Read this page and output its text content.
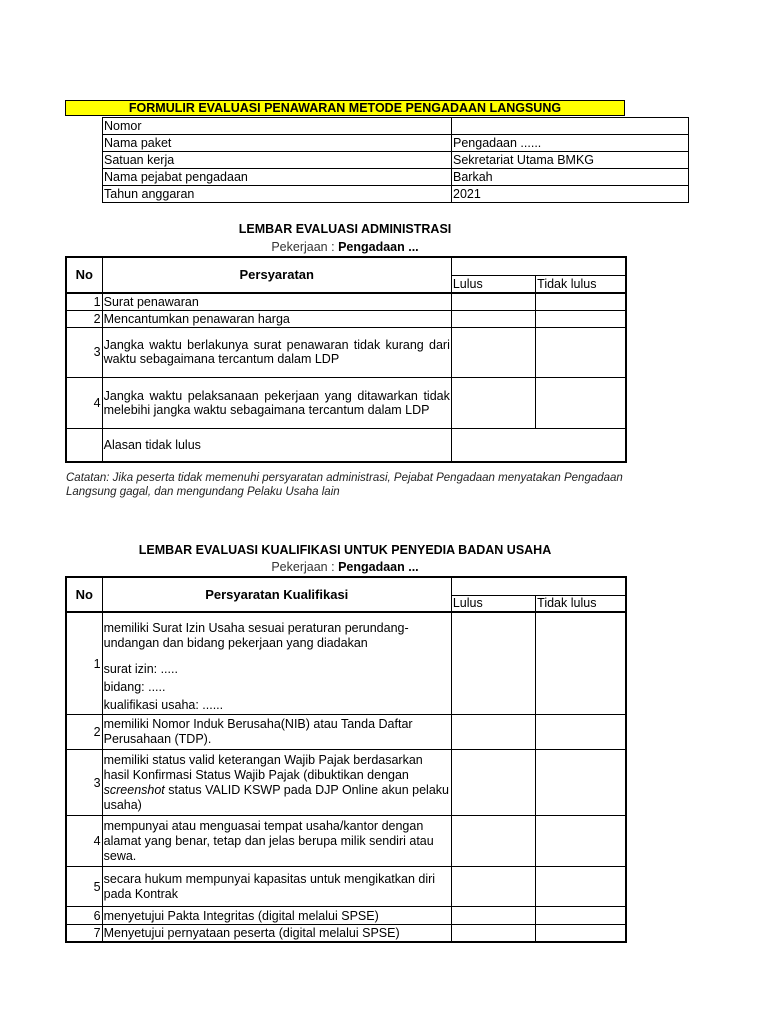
FORMULIR EVALUASI PENAWARAN METODE PENGADAAN LANGSUNG
Nomor	
Nama paket	Pengadaan ......
Satuan kerja	Sekretariat Utama BMKG
Nama pejabat pengadaan	Barkah
Tahun anggaran	2021
LEMBAR EVALUASI ADMINISTRASI
Pekerjaan : Pengadaan ...
No	Persyaratan		
		Lulus	Tidak lulus
1	Surat penawaran		
2	Mencantumkan penawaran harga		
3	Jangka waktu berlakunya surat penawaran tidak kurang dari waktu sebagaimana tercantum dalam LDP		
4	Jangka waktu pelaksanaan pekerjaan yang ditawarkan tidak melebihi jangka waktu sebagaimana tercantum dalam LDP		
	Alasan tidak lulus		
Catatan: Jika peserta tidak memenuhi persyaratan administrasi, Pejabat Pengadaan menyatakan Pengadaan Langsung gagal, dan mengundang Pelaku Usaha lain
LEMBAR EVALUASI KUALIFIKASI UNTUK PENYEDIA BADAN USAHA
Pekerjaan : Pengadaan ...
No	Persyaratan Kualifikasi		
		Lulus	Tidak lulus
1	memiliki Surat Izin Usaha sesuai peraturan perundang-undangan dan bidang pekerjaan yang diadakan
surat izin: .....
bidang: .....
kualifikasi usaha: ......		

2	memiliki Nomor Induk Berusaha(NIB) atau Tanda Daftar Perusahaan (TDP).		
3	memiliki status valid keterangan Wajib Pajak berdasarkan hasil Konfirmasi Status Wajib Pajak (dibuktikan dengan screenshot status VALID KSWP pada DJP Online akun pelaku usaha)		
4	mempunyai atau menguasai tempat usaha/kantor dengan alamat yang benar, tetap dan jelas berupa milik sendiri atau sewa.		
5	secara hukum mempunyai kapasitas untuk mengikatkan diri pada Kontrak		
6	menyetujui Pakta Integritas (digital melalui SPSE)		
7	Menyetujui pernyataan peserta (digital melalui SPSE)		
